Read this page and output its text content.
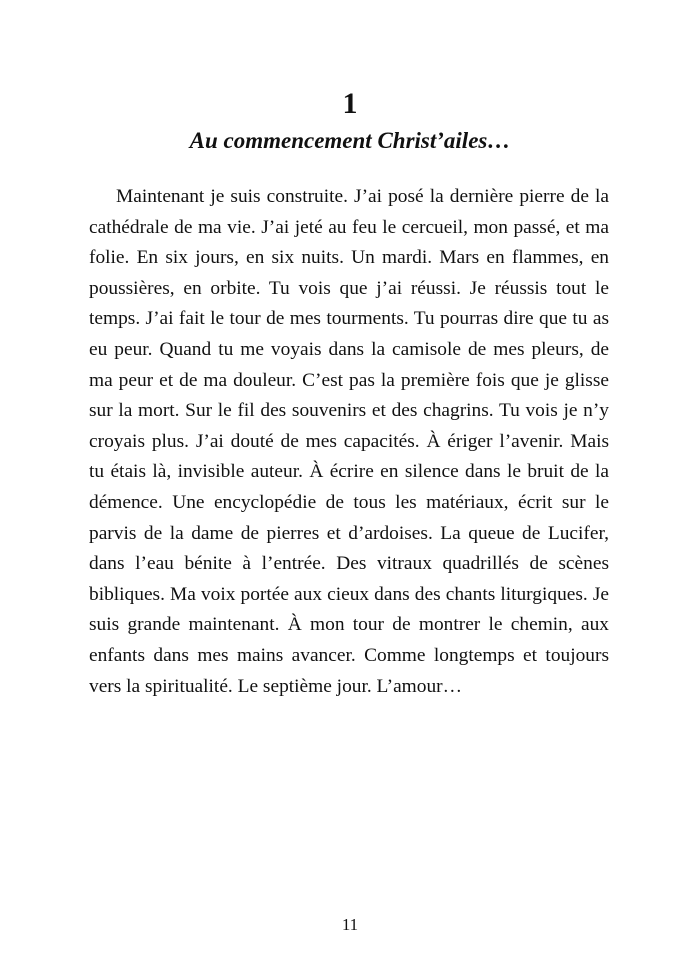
1
Au commencement Christ’ailes…

Maintenant je suis construite. J’ai posé la dernière pierre de la cathédrale de ma vie. J’ai jeté au feu le cercueil, mon passé, et ma folie. En six jours, en six nuits. Un mardi. Mars en flammes, en poussières, en orbite. Tu vois que j’ai réussi. Je réussis tout le temps. J’ai fait le tour de mes tourments. Tu pourras dire que tu as eu peur. Quand tu me voyais dans la camisole de mes pleurs, de ma peur et de ma douleur. C’est pas la première fois que je glisse sur la mort. Sur le fil des souvenirs et des chagrins. Tu vois je n’y croyais plus. J’ai douté de mes capacités. À ériger l’avenir. Mais tu étais là, invisible auteur. À écrire en silence dans le bruit de la démence. Une encyclopédie de tous les matériaux, écrit sur le parvis de la dame de pierres et d’ardoises. La queue de Lucifer, dans l’eau bénite à l’entrée. Des vitraux quadrillés de scènes bibliques. Ma voix portée aux cieux dans des chants liturgiques. Je suis grande maintenant. À mon tour de montrer le chemin, aux enfants dans mes mains avancer. Comme longtemps et toujours vers la spiritualité. Le septième jour. L’amour…

11
